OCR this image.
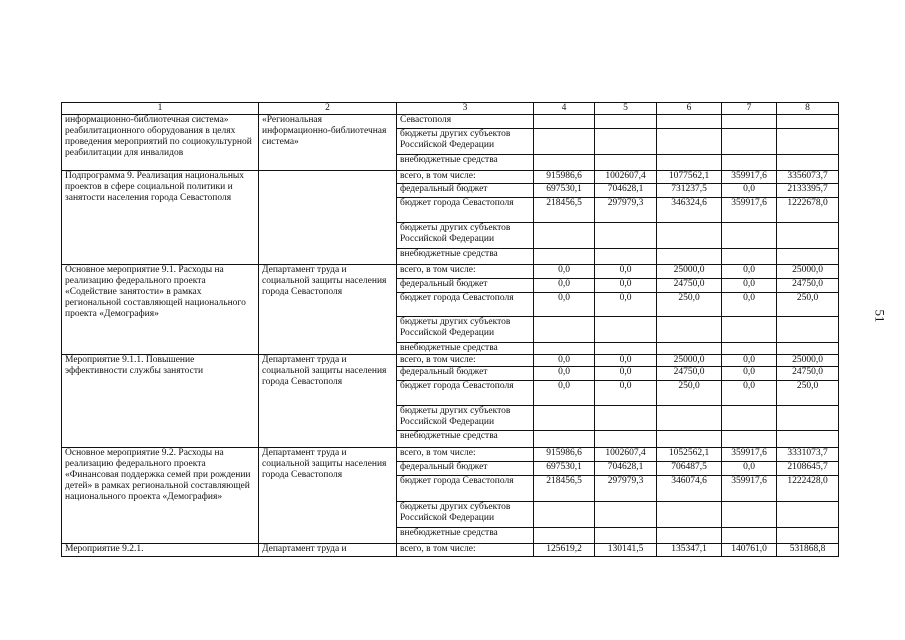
1	2	3	4	5	6	7	8
информационно-библиотечная система» реабилитационного оборудования в целях проведения мероприятий по социокультурной реабилитации для инвалидов	«Региональная информационно-библиотечная система»	Севастополя					
		бюджеты других субъектов Российской Федерации					
		внебюджетные средства					
Подпрограмма 9. Реализация национальных проектов в сфере социальной политики и занятости населения города Севастополя		всего, в том числе:	915986,6	1002607,4	1077562,1	359917,6	3356073,7
		федеральный бюджет	697530,1	704628,1	731237,5	0,0	2133395,7
		бюджет города Севастополя	218456,5	297979,3	346324,6	359917,6	1222678,0
		бюджеты других субъектов Российской Федерации					
		внебюджетные средства					
Основное мероприятие 9.1. Расходы на реализацию федерального проекта «Содействие занятости» в рамках региональной составляющей национального проекта «Демография»	Департамент труда и социальной защиты населения города Севастополя	всего, в том числе:	0,0	0,0	25000,0	0,0	25000,0
		федеральный бюджет	0,0	0,0	24750,0	0,0	24750,0
		бюджет города Севастополя	0,0	0,0	250,0	0,0	250,0
		бюджеты других субъектов Российской Федерации					
		внебюджетные средства					
Мероприятие 9.1.1. Повышение эффективности службы занятости	Департамент труда и социальной защиты населения города Севастополя	всего, в том числе:	0,0	0,0	25000,0	0,0	25000,0
		федеральный бюджет	0,0	0,0	24750,0	0,0	24750,0
		бюджет города Севастополя	0,0	0,0	250,0	0,0	250,0
		бюджеты других субъектов Российской Федерации					
		внебюджетные средства					
Основное мероприятие 9.2. Расходы на реализацию федерального проекта «Финансовая поддержка семей при рождении детей» в рамках региональной составляющей национального проекта «Демография»	Департамент труда и социальной защиты населения города Севастополя	всего, в том числе:	915986,6	1002607,4	1052562,1	359917,6	3331073,7
		федеральный бюджет	697530,1	704628,1	706487,5	0,0	2108645,7
		бюджет города Севастополя	218456,5	297979,3	346074,6	359917,6	1222428,0
		бюджеты других субъектов Российской Федерации					
		внебюджетные средства					
Мероприятие 9.2.1.	Департамент труда и	всего, в том числе:	125619,2	130141,5	135347,1	140761,0	531868,8
51
